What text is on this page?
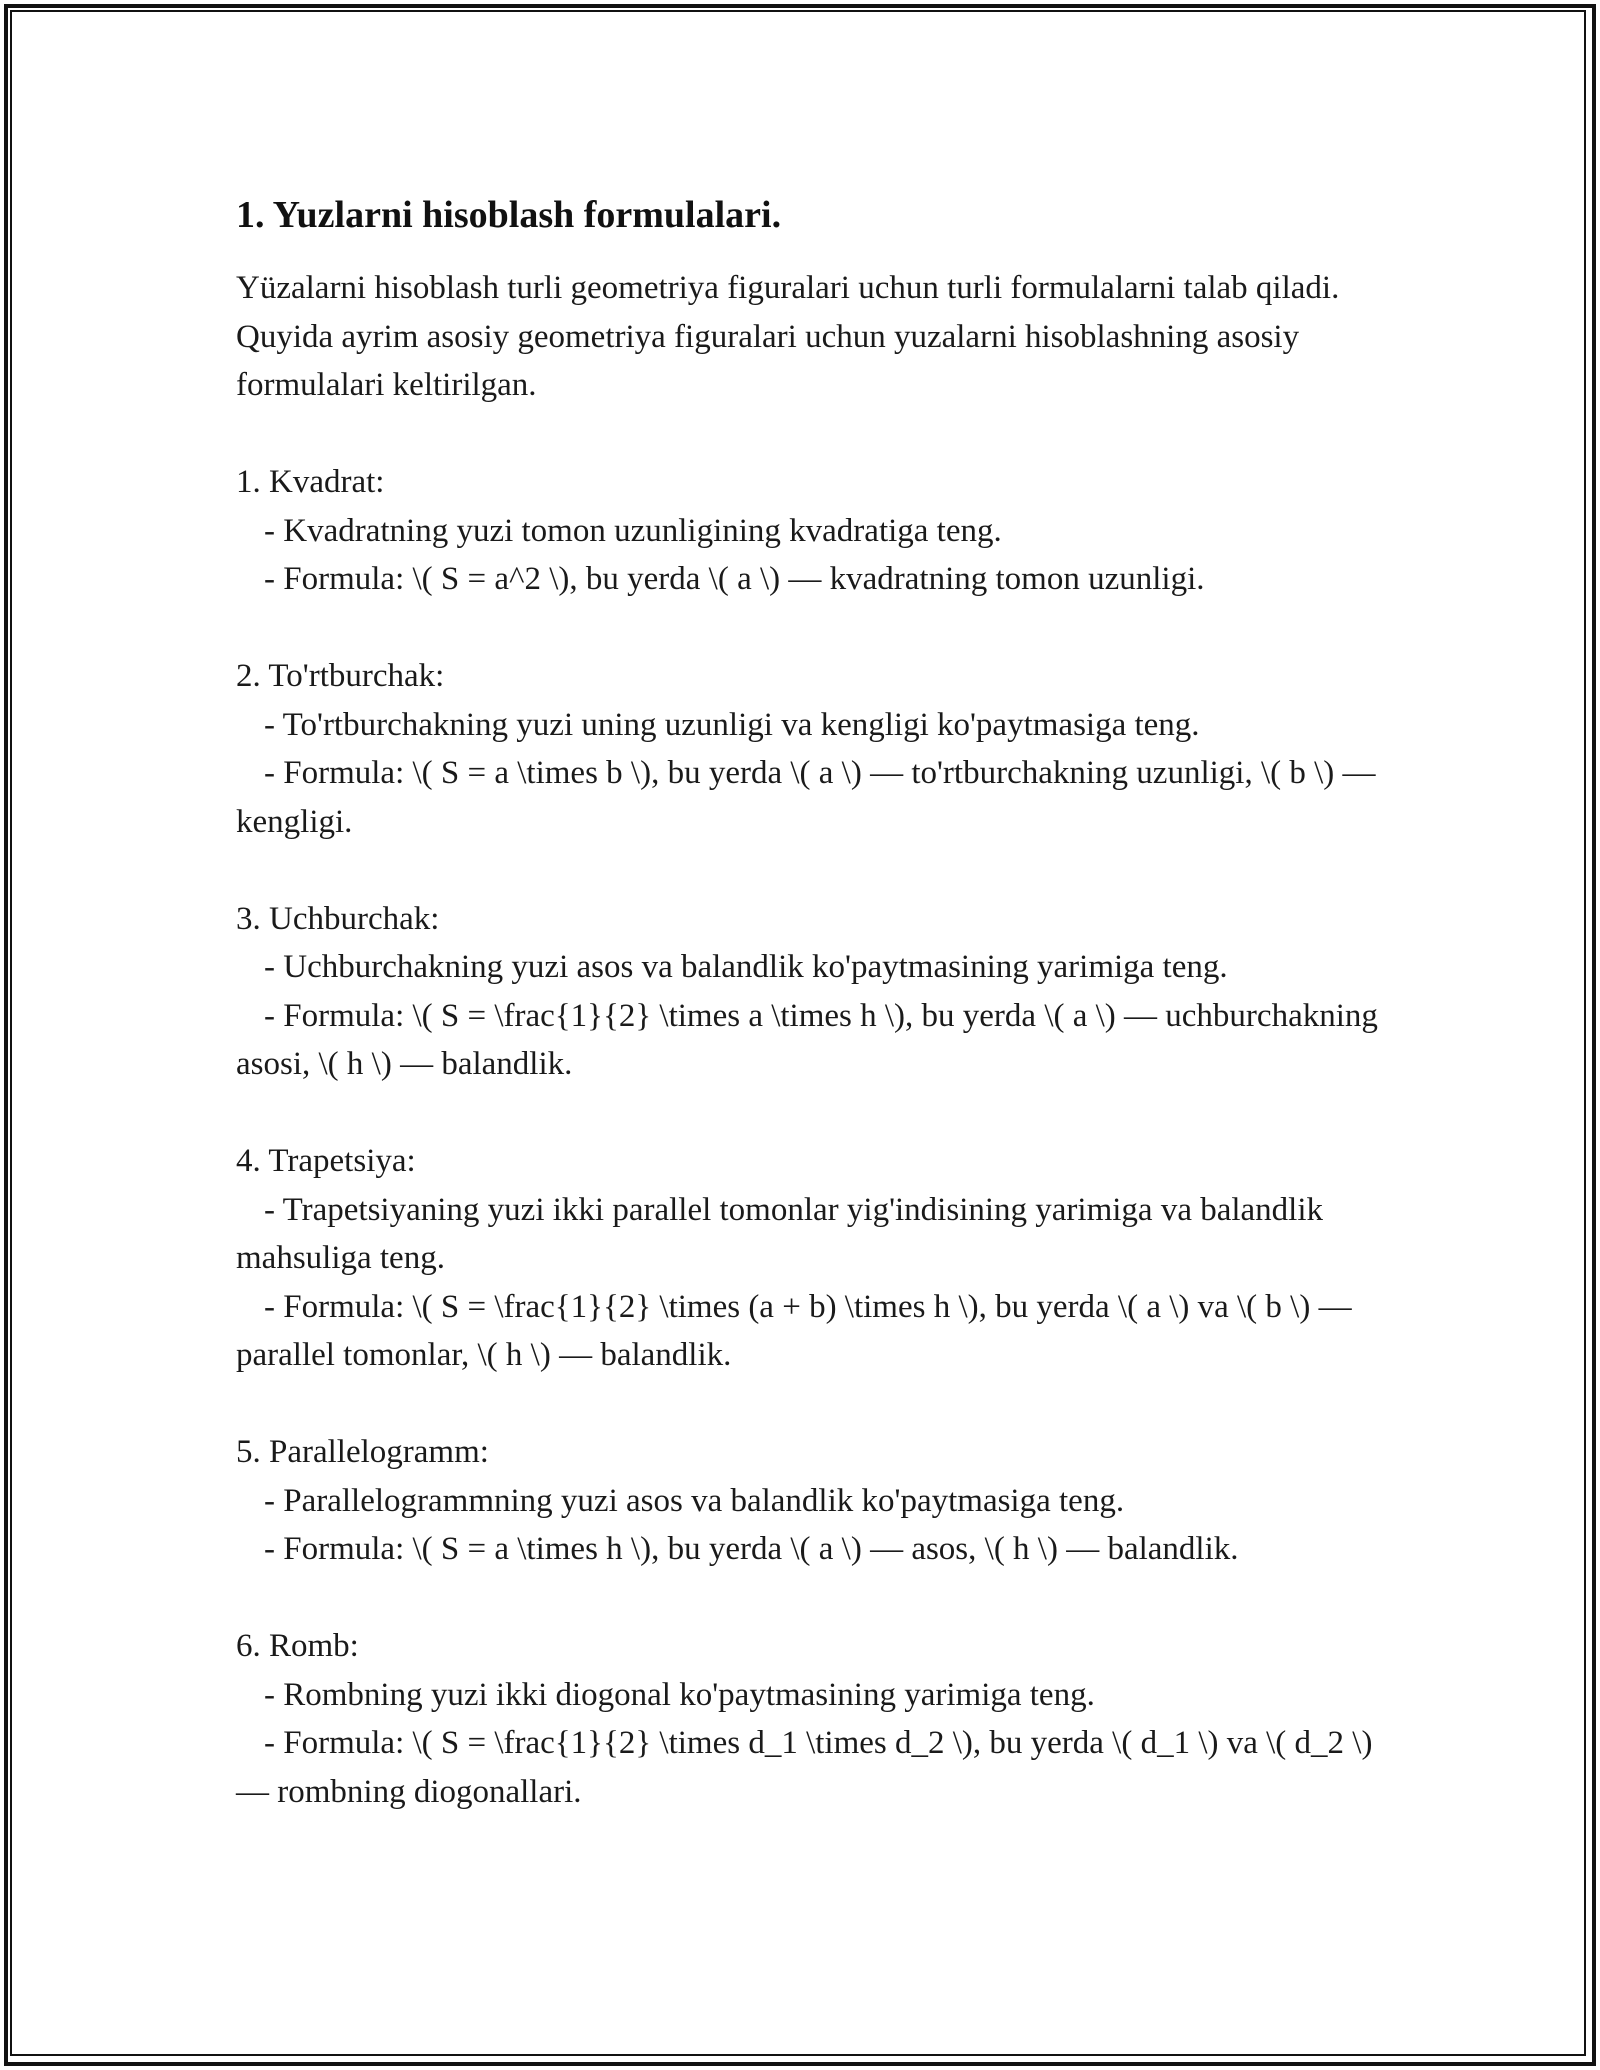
1. Yuzlarni hisoblash formulalari.

Yüzalarni hisoblash turli geometriya figuralari uchun turli formulalarni talab qiladi. Quyida ayrim asosiy geometriya figuralari uchun yuzalarni hisoblashning asosiy formulalari keltirilgan.

1. Kvadrat:

- Kvadratning yuzi tomon uzunligining kvadratiga teng.

- Formula: \( S = a^2 \), bu yerda \( a \) — kvadratning tomon uzunligi.

2. To'rtburchak:

- To'rtburchakning yuzi uning uzunligi va kengligi ko'paytmasiga teng.

- Formula: \( S = a \times b \), bu yerda \( a \) — to'rtburchakning uzunligi, \( b \) — kengligi.

3. Uchburchak:

- Uchburchakning yuzi asos va balandlik ko'paytmasining yarimiga teng.

- Formula: \( S = \frac{1}{2} \times a \times h \), bu yerda \( a \) — uchburchakning asosi, \( h \) — balandlik.

4. Trapetsiya:

- Trapetsiyaning yuzi ikki parallel tomonlar yig'indisining yarimiga va balandlik mahsuliga teng.

- Formula: \( S = \frac{1}{2} \times (a + b) \times h \), bu yerda \( a \) va \( b \) — parallel tomonlar, \( h \) — balandlik.

5. Parallelogramm:

- Parallelogrammning yuzi asos va balandlik ko'paytmasiga teng.

- Formula: \( S = a \times h \), bu yerda \( a \) — asos, \( h \) — balandlik.

6. Romb:

- Rombning yuzi ikki diogonal ko'paytmasining yarimiga teng.

- Formula: \( S = \frac{1}{2} \times d_1 \times d_2 \), bu yerda \( d_1 \) va \( d_2 \) — rombning diogonallari.
